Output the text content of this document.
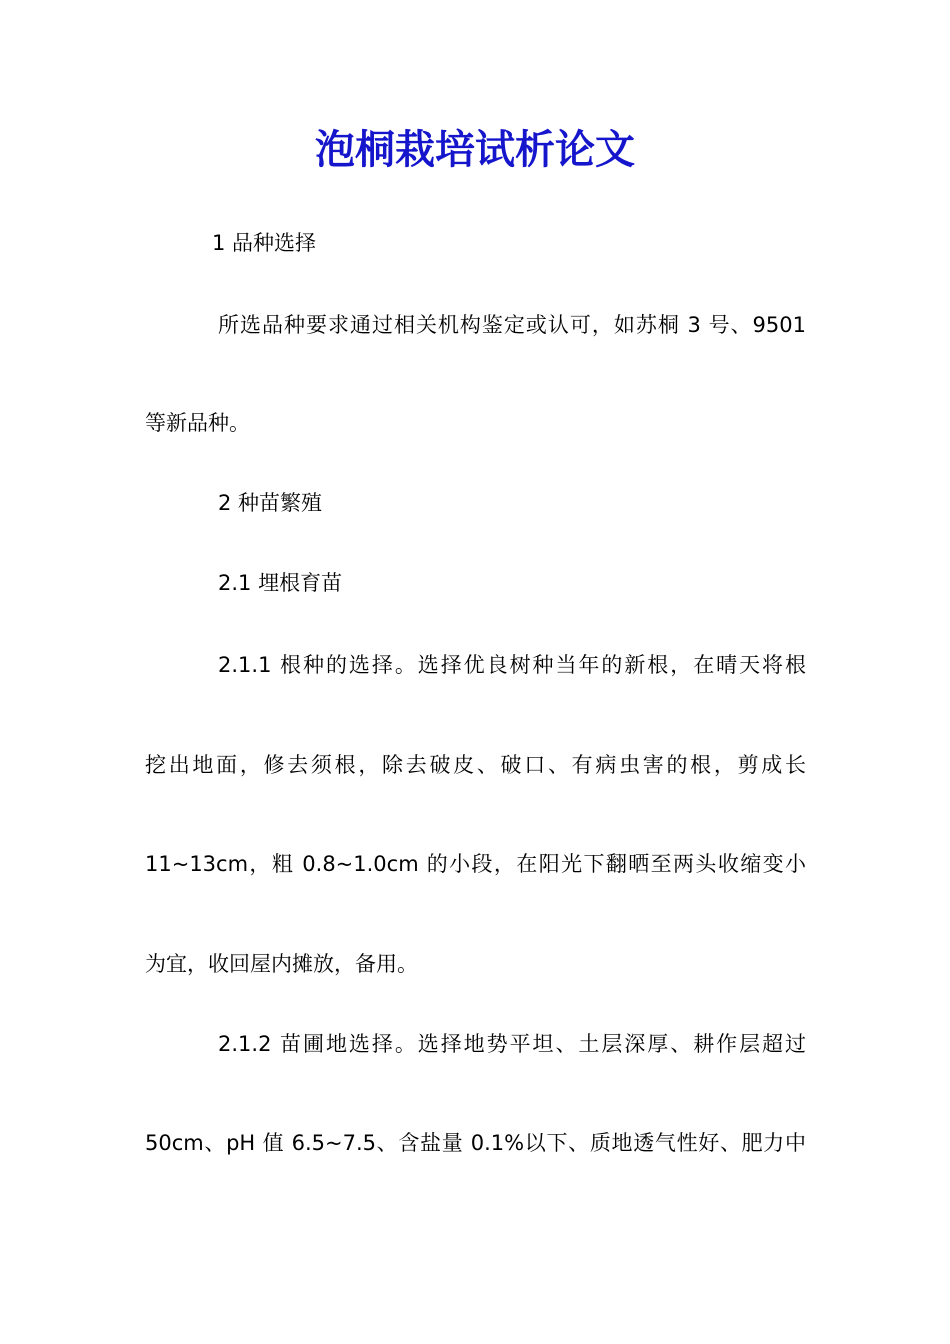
泡桐栽培试析论文
1 品种选择
所选品种要求通过相关机构鉴定或认可，如苏桐 3 号、9501
等新品种。
2 种苗繁殖
2.1 埋根育苗
2.1.1 根种的选择。选择优良树种当年的新根，在晴天将根
挖出地面，修去须根，除去破皮、破口、有病虫害的根，剪成长
11~13cm，粗 0.8~1.0cm 的小段，在阳光下翻晒至两头收缩变小
为宜，收回屋内摊放，备用。
2.1.2 苗圃地选择。选择地势平坦、土层深厚、耕作层超过
50cm、pH 值 6.5~7.5、含盐量 0.1%以下、质地透气性好、肥力中
